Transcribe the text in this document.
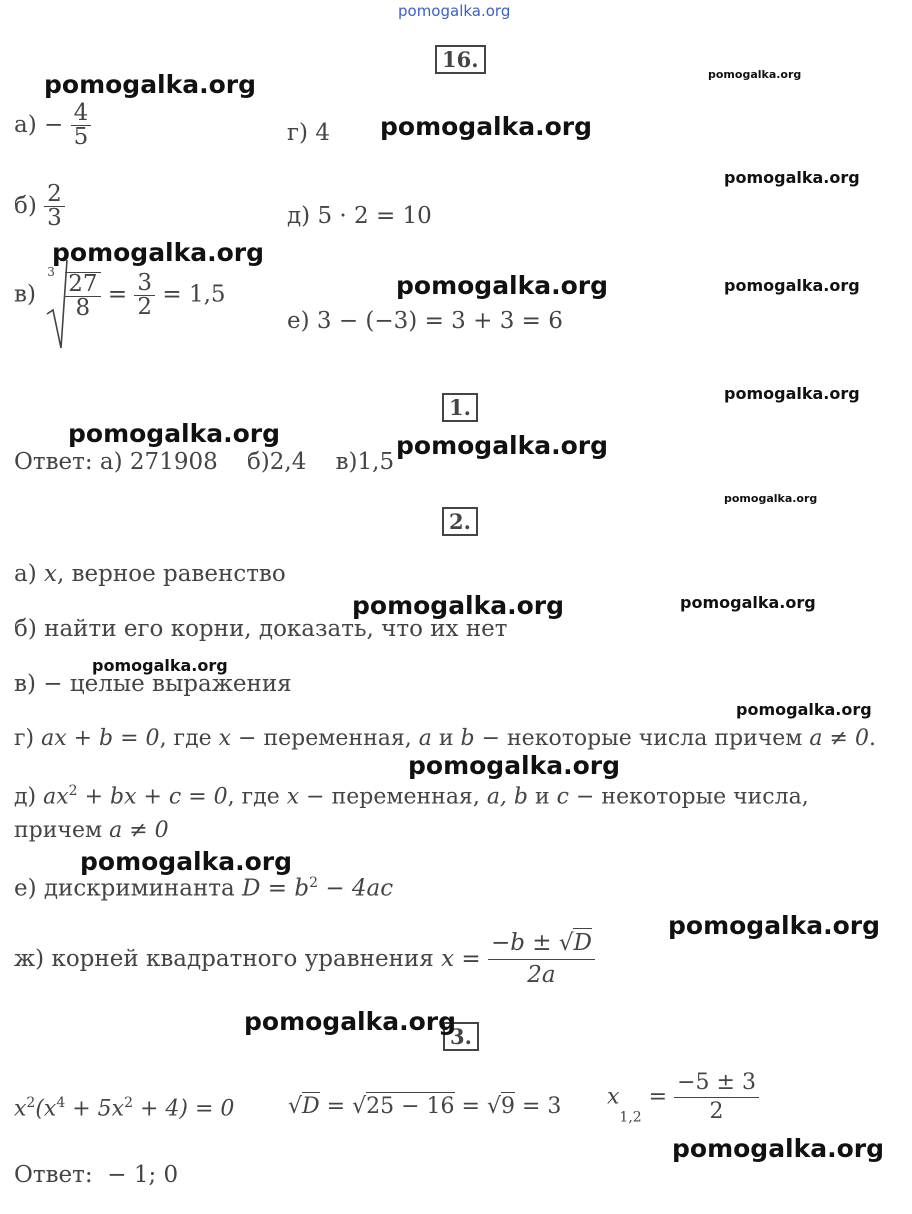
pomogalka.org
16.
$а) - \frac{4}{5}$	г) 4
$б) \frac{2}{3}$	д) 5 · 2 = 10
в)
$3 \frac{27}{8} = \frac{3}{2} = 1,5$
е) 3 − (−3) = 3 + 3 = 6
1.
Ответ: а) 271908    б)2,4    в)1,5
2.
а) x, верное равенство
б) найти его корни, доказать, что их нет
в) − целые выражения
г) ax + b = 0, где x − переменная, a и b − некоторые числа причем a ≠ 0.
д) $ax^2$ + bx + c = 0, где x − переменная, a, b и c − некоторые числа,
причем a ≠ 0
е) дискриминанта $D = b^2 - 4ac$
ж) корней квадратного уравнения $x = \frac{-b \pm √D}{2a}$
3.
$x^2(x^4 + 5x^2 + 4) = 0$ √D = √25 − 16 = √9 = 3 $x_{1,2} = \frac{-5 \pm 3}{2}$
Ответ:  − 1; 0
pomogalka.org	pomogalka.org
pomogalka.org
pomogalka.org
pomogalka.org
pomogalka.org	pomogalka.org
pomogalka.org
pomogalka.org	pomogalka.org
pomogalka.org
pomogalka.org	pomogalka.org
pomogalka.org
pomogalka.org
pomogalka.org
pomogalka.org
pomogalka.org
pomogalka.org
pomogalka.org
